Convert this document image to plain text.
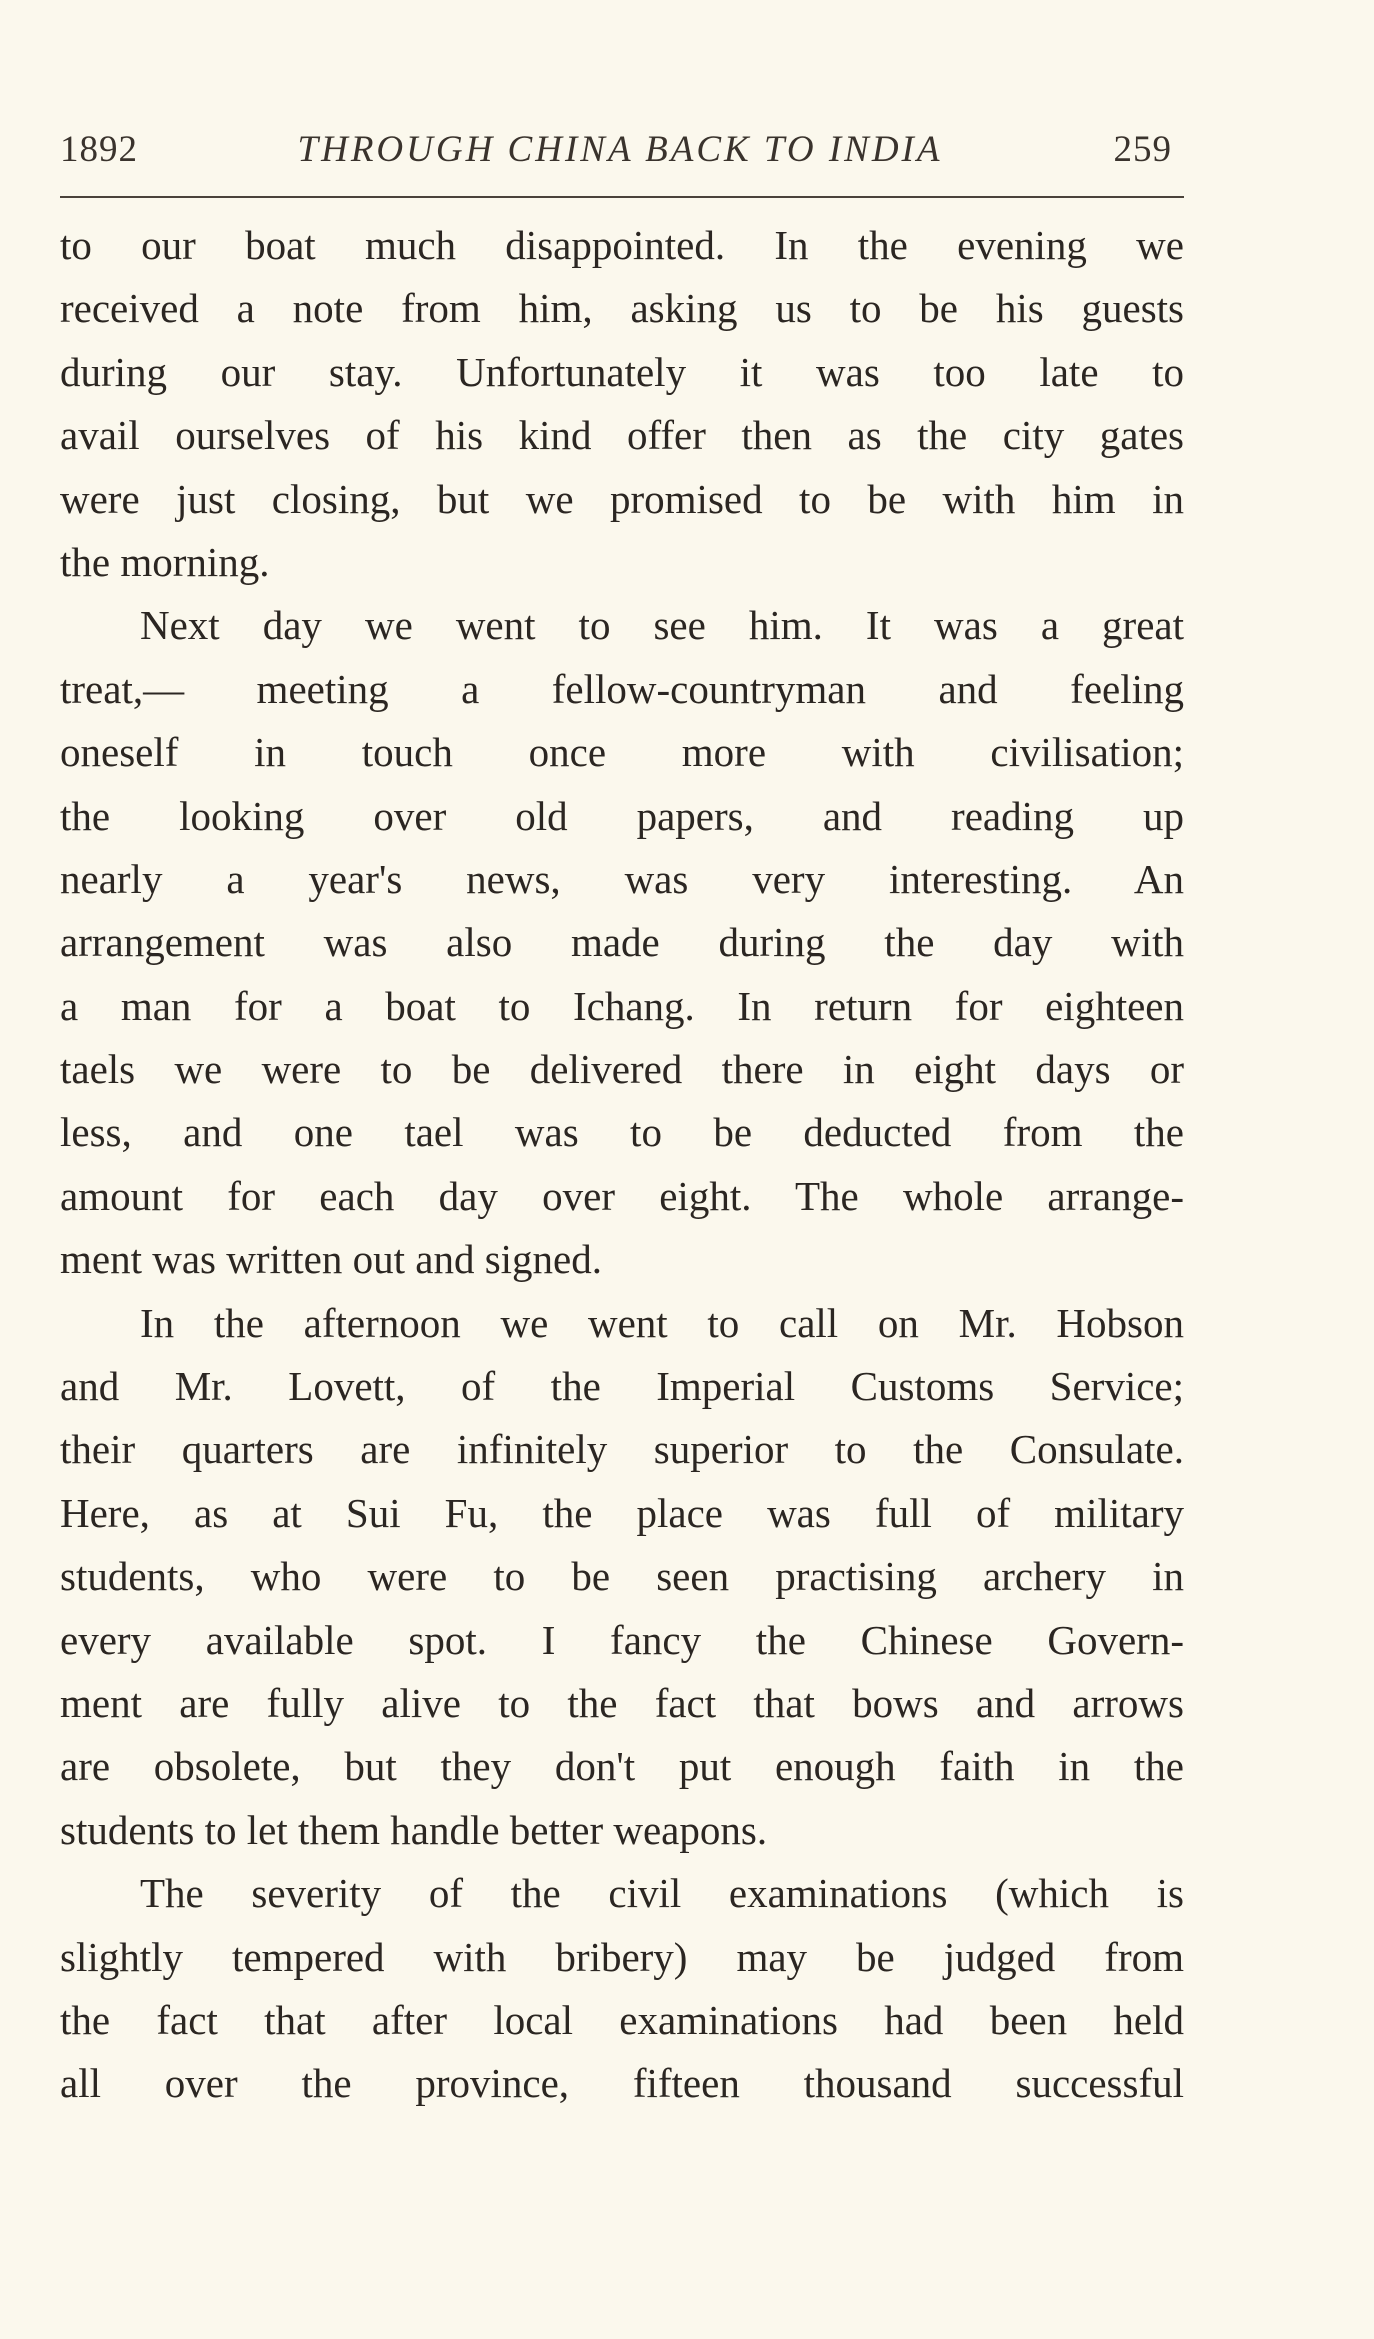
1892	THROUGH CHINA BACK TO INDIA	259
to our boat much disappointed. In the evening we
received a note from him, asking us to be his guests
during our stay. Unfortunately it was too late to
avail ourselves of his kind offer then as the city gates
were just closing, but we promised to be with him in
the morning.
Next day we went to see him. It was a great
treat,— meeting a fellow-countryman and feeling
oneself in touch once more with civilisation;
the looking over old papers, and reading up
nearly a year's news, was very interesting. An
arrangement was also made during the day with
a man for a boat to Ichang. In return for eighteen
taels we were to be delivered there in eight days or
less, and one tael was to be deducted from the
amount for each day over eight. The whole arrange-
ment was written out and signed.
In the afternoon we went to call on Mr. Hobson
and Mr. Lovett, of the Imperial Customs Service;
their quarters are infinitely superior to the Consulate.
Here, as at Sui Fu, the place was full of military
students, who were to be seen practising archery in
every available spot. I fancy the Chinese Govern-
ment are fully alive to the fact that bows and arrows
are obsolete, but they don't put enough faith in the
students to let them handle better weapons.
The severity of the civil examinations (which is
slightly tempered with bribery) may be judged from
the fact that after local examinations had been held
all over the province, fifteen thousand successful
